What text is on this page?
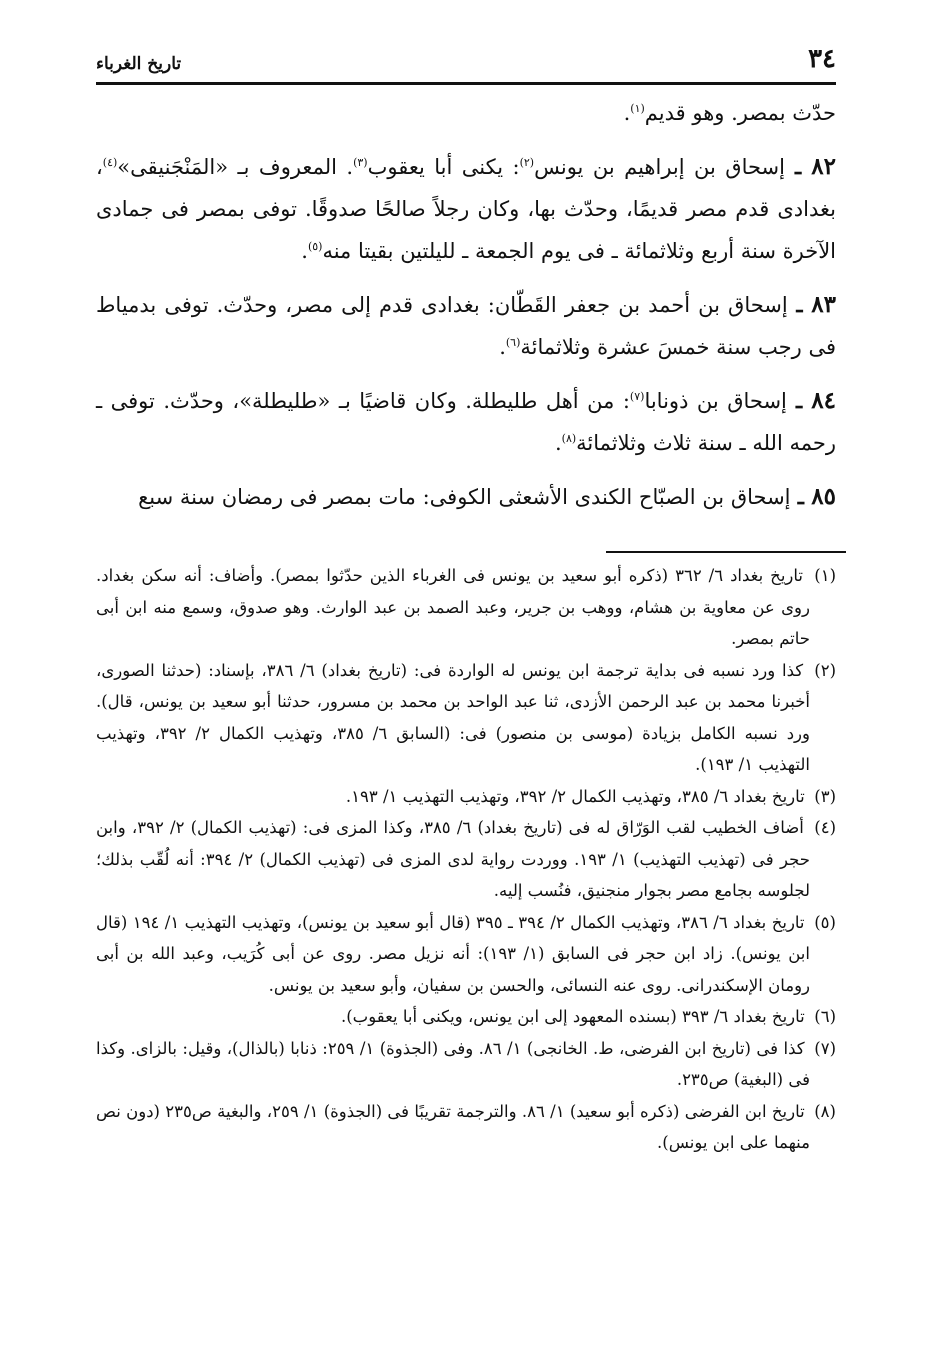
٣٤
تاريخ الغرباء

حدّث بمصر. وهو قديم$^{(١)}$.

٨٢ ـ إسحاق بن إبراهيم بن يونس$^{(٢)}$: يكنى أبا يعقوب$^{(٣)}$. المعروف بـ «المَنْجَنيقى»$^{(٤)}$، بغدادى قدم مصر قديمًا، وحدّث بها، وكان رجلاً صالحًا صدوقًا. توفى بمصر فى جمادى الآخرة سنة أربع وثلاثمائة ـ فى يوم الجمعة ـ لليلتين بقيتا منه$^{(٥)}$.

٨٣ ـ إسحاق بن أحمد بن جعفر القَطّان: بغدادى قدم إلى مصر، وحدّث. توفى بدمياط فى رجب سنة خمسَ عشرة وثلاثمائة$^{(٦)}$.

٨٤ ـ إسحاق بن ذونابا$^{(٧)}$: من أهل طليطلة. وكان قاضيًا بـ «طليطلة»، وحدّث. توفى ـ رحمه الله ـ سنة ثلاث وثلاثمائة$^{(٨)}$.

٨٥ ـ إسحاق بن الصبّاح الكندى الأشعثى الكوفى: مات بمصر فى رمضان سنة سبع

(١) تاريخ بغداد ٦/ ٣٦٢ (ذكره أبو سعيد بن يونس فى الغرباء الذين حدّثوا بمصر). وأضاف: أنه سكن بغداد. روى عن معاوية بن هشام، ووهب بن جرير، وعبد الصمد بن عبد الوارث. وهو صدوق، وسمع منه ابن أبى حاتم بمصر.
(٢) كذا ورد نسبه فى بداية ترجمة ابن يونس له الواردة فى: (تاريخ بغداد) ٦/ ٣٨٦، بإسناد: (حدثنا الصورى، أخبرنا محمد بن عبد الرحمن الأزدى، ثنا عبد الواحد بن محمد بن مسرور، حدثنا أبو سعيد بن يونس، قال). ورد نسبه الكامل بزيادة (موسى بن منصور) فى: (السابق ٦/ ٣٨٥، وتهذيب الكمال ٢/ ٣٩٢، وتهذيب التهذيب ١/ ١٩٣).
(٣) تاريخ بغداد ٦/ ٣٨٥، وتهذيب الكمال ٢/ ٣٩٢، وتهذيب التهذيب ١/ ١٩٣.
(٤) أضاف الخطيب لقب الوَرّاق له فى (تاريخ بغداد) ٦/ ٣٨٥، وكذا المزى فى: (تهذيب الكمال) ٢/ ٣٩٢، وابن حجر فى (تهذيب التهذيب) ١/ ١٩٣. ووردت رواية لدى المزى فى (تهذيب الكمال) ٢/ ٣٩٤: أنه لُقّب بذلك؛ لجلوسه بجامع مصر بجوار منجنيق، فنُسب إليه.
(٥) تاريخ بغداد ٦/ ٣٨٦، وتهذيب الكمال ٢/ ٣٩٤ ـ ٣٩٥ (قال أبو سعيد بن يونس)، وتهذيب التهذيب ١/ ١٩٤ (قال ابن يونس). زاد ابن حجر فى السابق (١/ ١٩٣): أنه نزيل مصر. روى عن أبى كُرَيب، وعبد الله بن أبى رومان الإسكندرانى. روى عنه النسائى، والحسن بن سفيان، وأبو سعيد بن يونس.
(٦) تاريخ بغداد ٦/ ٣٩٣ (بسنده المعهود إلى ابن يونس، ويكنى أبا يعقوب).
(٧) كذا فى (تاريخ ابن الفرضى، ط. الخانجى) ١/ ٨٦. وفى (الجذوة) ١/ ٢٥٩: ذنابا (بالذال)، وقيل: بالزاى. وكذا فى (البغية) ص٢٣٥.
(٨) تاريخ ابن الفرضى (ذكره أبو سعيد) ١/ ٨٦. والترجمة تقريبًا فى (الجذوة) ١/ ٢٥٩، والبغية ص٢٣٥ (دون نص منهما على ابن يونس).
